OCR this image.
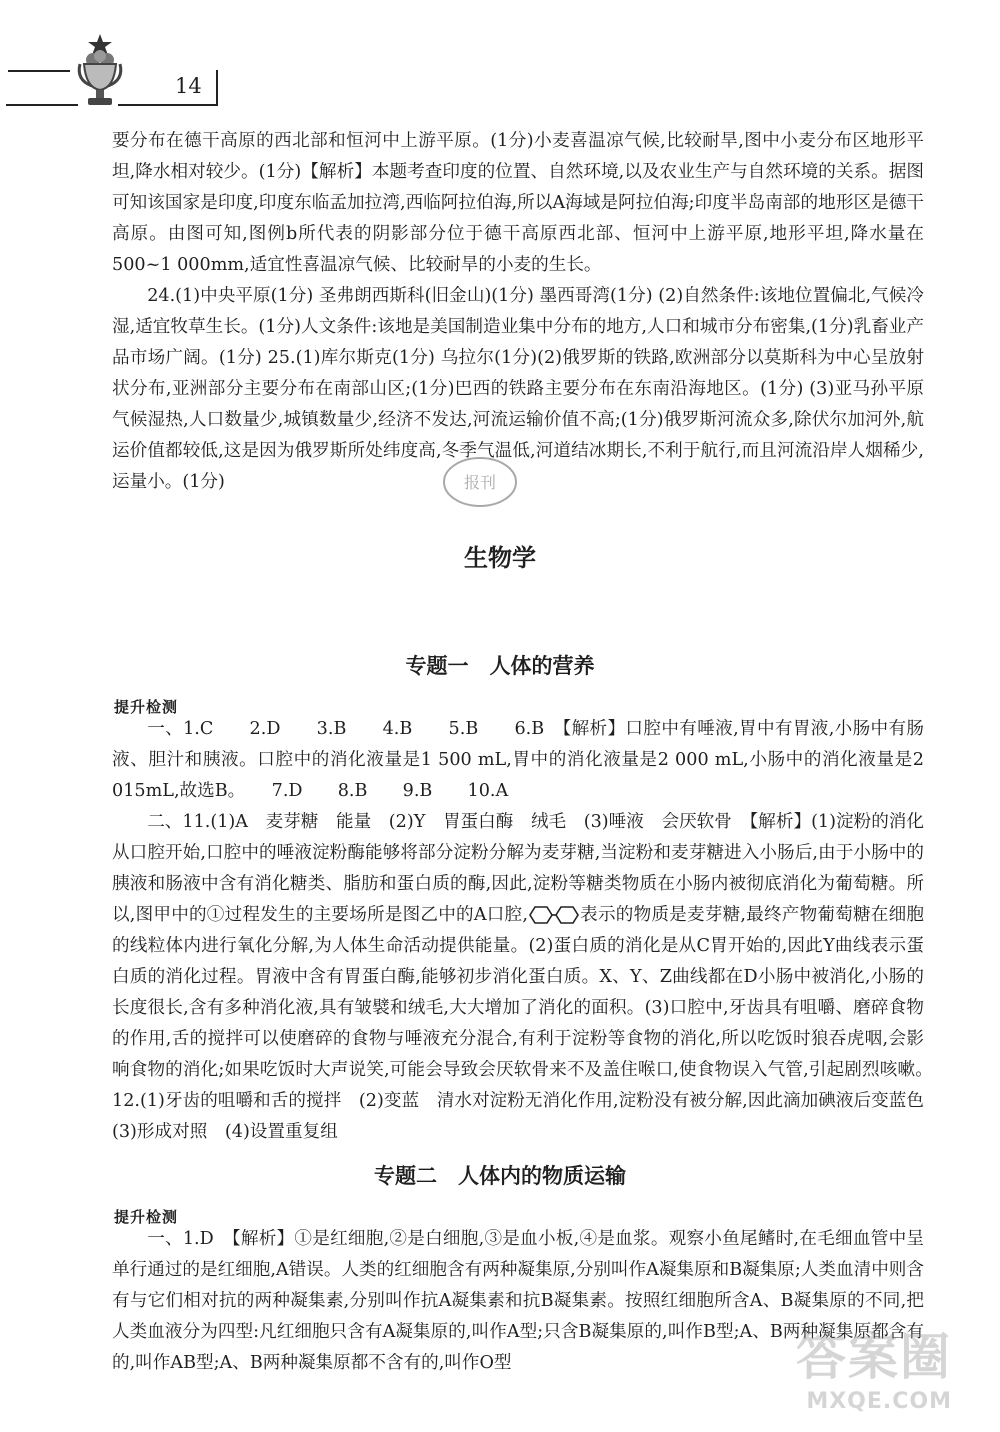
14

要分布在德干高原的西北部和恒河中上游平原。(1分)小麦喜温凉气候,比较耐旱,图中小麦分布区地形平坦,降水相对较少。(1分)【解析】本题考查印度的位置、自然环境,以及农业生产与自然环境的关系。据图可知该国家是印度,印度东临孟加拉湾,西临阿拉伯海,所以A海域是阿拉伯海;印度半岛南部的地形区是德干高原。由图可知,图例b所代表的阴影部分位于德干高原西北部、恒河中上游平原,地形平坦,降水量在500~1 000mm,适宜性喜温凉气候、比较耐旱的小麦的生长。

24.(1)中央平原(1分) 圣弗朗西斯科(旧金山)(1分) 墨西哥湾(1分) (2)自然条件:该地位置偏北,气候冷湿,适宜牧草生长。(1分)人文条件:该地是美国制造业集中分布的地方,人口和城市分布密集,(1分)乳畜业产品市场广阔。(1分) 25.(1)库尔斯克(1分) 乌拉尔(1分)(2)俄罗斯的铁路,欧洲部分以莫斯科为中心呈放射状分布,亚洲部分主要分布在南部山区;(1分)巴西的铁路主要分布在东南沿海地区。(1分) (3)亚马孙平原气候湿热,人口数量少,城镇数量少,经济不发达,河流运输价值不高;(1分)俄罗斯河流众多,除伏尔加河外,航运价值都较低,这是因为俄罗斯所处纬度高,冬季气温低,河道结冰期长,不利于航行,而且河流沿岸人烟稀少,运量小。(1分)	报刊
生物学
专题一　人体的营养
提升检测

一、1.C　　2.D　　3.B　　4.B　　5.B　　6.B　【解析】口腔中有唾液,胃中有胃液,小肠中有肠液、胆汁和胰液。口腔中的消化液量是1 500 mL,胃中的消化液量是2 000 mL,小肠中的消化液量是2 015mL,故选B。　　7.D　　8.B　　9.B　　10.A

二、11.(1)A　麦芽糖　能量　(2)Y　胃蛋白酶　绒毛　(3)唾液　会厌软骨　【解析】(1)淀粉的消化从口腔开始,口腔中的唾液淀粉酶能够将部分淀粉分解为麦芽糖,当淀粉和麦芽糖进入小肠后,由于小肠中的胰液和肠液中含有消化糖类、脂肪和蛋白质的酶,因此,淀粉等糖类物质在小肠内被彻底消化为葡萄糖。所以,图甲中的①过程发生的主要场所是图乙中的A口腔,	表示的物质是麦芽糖,最终产物葡萄糖在细胞的线粒体内进行氧化分解,为人体生命活动提供能量。(2)蛋白质的消化是从C胃开始的,因此Y曲线表示蛋白质的消化过程。胃液中含有胃蛋白酶,能够初步消化蛋白质。X、Y、Z曲线都在D小肠中被消化,小肠的长度很长,含有多种消化液,具有皱襞和绒毛,大大增加了消化的面积。(3)口腔中,牙齿具有咀嚼、磨碎食物的作用,舌的搅拌可以使磨碎的食物与唾液充分混合,有利于淀粉等食物的消化,所以吃饭时狼吞虎咽,会影响食物的消化;如果吃饭时大声说笑,可能会导致会厌软骨来不及盖住喉口,使食物误入气管,引起剧烈咳嗽。　12.(1)牙齿的咀嚼和舌的搅拌　(2)变蓝　清水对淀粉无消化作用,淀粉没有被分解,因此滴加碘液后变蓝色　(3)形成对照　(4)设置重复组

专题二　人体内的物质运输
提升检测

一、1.D　【解析】①是红细胞,②是白细胞,③是血小板,④是血浆。观察小鱼尾鳍时,在毛细血管中呈单行通过的是红细胞,A错误。人类的红细胞含有两种凝集原,分别叫作A凝集原和B凝集原;人类血清中则含有与它们相对抗的两种凝集素,分别叫作抗A凝集素和抗B凝集素。按照红细胞所含A、B凝集原的不同,把人类血液分为四型:凡红细胞只含有A凝集原的,叫作A型;只含B凝集原的,叫作B型;A、B两种凝集原都含有的,叫作AB型;A、B两种凝集原都不含有的,叫作O型	答案圈
MXQE.COM
